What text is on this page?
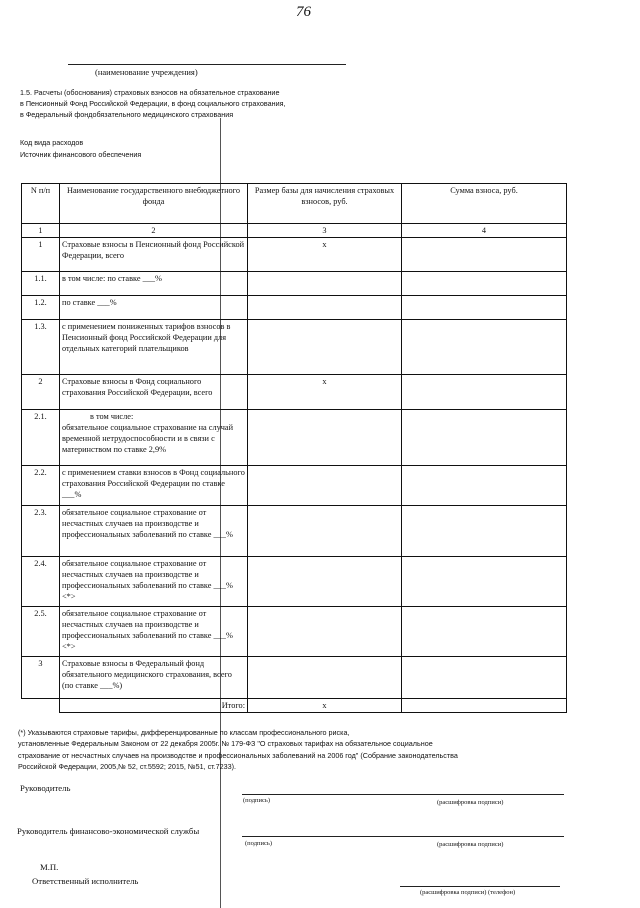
76
(наименование учреждения)
1.5. Расчеты (обоснования) страховых взносов на обязательное страхование
в Пенсионный Фонд Российской Федерации, в фонд социального страхования,
в Федеральный фондобязательного медицинского страхования
Код вида расходов
Источник финансового обеспечения
N п/п	Наименование государственного внебюджетного фонда	Размер базы для начисления страховых взносов, руб.	Сумма взноса, руб.
1	2	3	4
1	Страховые взносы в Пенсионный фонд Российской Федерации, всего	x	
1.1.	в том числе: по ставке ___%		
1.2.	по ставке ___%		
1.3.	с применением пониженных тарифов взносов в Пенсионный фонд Российской Федерации для отдельных категорий плательщиков		
2	Страховые взносы в Фонд социального страхования Российской Федерации, всего	x	
2.1.	в том числе:
обязательное социальное страхование на случай временной нетрудоспособности и в связи с материнством по ставке 2,9%		
2.2.	с применением ставки взносов в Фонд социального страхования Российской Федерации по ставке ___%		
2.3.	обязательное социальное страхование от несчастных случаев на производстве и профессиональных заболеваний по ставке ___%		
2.4.	обязательное социальное страхование от несчастных случаев на производстве и профессиональных заболеваний по ставке ___% <*>		
2.5.	обязательное социальное страхование от несчастных случаев на производстве и профессиональных заболеваний по ставке ___% <*>		
3	Страховые взносы в Федеральный фонд обязательного медицинского страхования, всего (по ставке ___%)		
	Итого:	x	
(*) Указываются страховые тарифы, дифференцированные по классам профессионального риска,
установленные Федеральным Законом от 22 декабря 2005г. № 179-ФЗ "О страховых тарифах на обязательное социальное
страхование от несчастных случаев на производстве и профессиональных заболеваний на 2006 год" (Собрание законодательства
Российской Федерации, 2005,№ 52, ст.5592; 2015, №51, ст.7233).
Руководитель
(подпись)	(расшифровка подписи)
Руководитель финансово-экономической службы
(подпись)	(расшифровка подписи)
М.П.
Ответственный исполнитель
(расшифровка подписи) (телефон)
